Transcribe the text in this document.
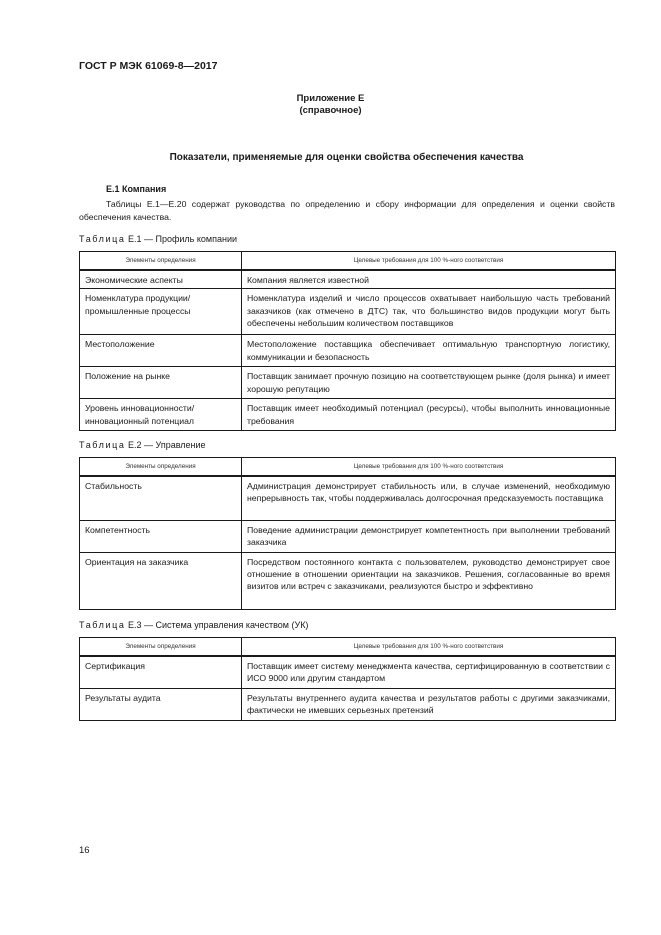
ГОСТ Р МЭК 61069-8—2017
Приложение Е
(справочное)
Показатели, применяемые для оценки свойства обеспечения качества
Е.1 Компания

Таблицы Е.1—Е.20 содержат руководства по определению и сбору информации для определения и оценки свойств обеспечения качества.

Таблица Е.1 — Профиль компании
Элементы определения	Целевые требования для 100 %-ного соответствия
Экономические аспекты	Компания является известной
Номенклатура продукции/
промышленные процессы	Номенклатура изделий и число процессов охватывает наибольшую часть требований заказчиков (как отмечено в ДТС) так, что большинство видов продукции могут быть обеспечены небольшим количеством поставщиков
Местоположение	Местоположение поставщика обеспечивает оптимальную транспортную логистику, коммуникации и безопасность
Положение на рынке	Поставщик занимает прочную позицию на соответствующем рынке (доля рынка) и имеет хорошую репутацию
Уровень инновационности/
инновационный потенциал	Поставщик имеет необходимый потенциал (ресурсы), чтобы выполнить инновационные требования
Таблица Е.2 — Управление
Элементы определения	Целевые требования для 100 %-ного соответствия
Стабильность	Администрация демонстрирует стабильность или, в случае изменений, необходимую непрерывность так, чтобы поддерживалась долгосрочная предсказуемость поставщика
Компетентность	Поведение администрации демонстрирует компетентность при выполнении требований заказчика
Ориентация на заказчика	Посредством постоянного контакта с пользователем, руководство демонстрирует свое отношение в отношении ориентации на заказчиков. Решения, согласованные во время визитов или встреч с заказчиками, реализуются быстро и эффективно
Таблица Е.3 — Система управления качеством (УК)
Элементы определения	Целевые требования для 100 %-ного соответствия
Сертификация	Поставщик имеет систему менеджмента качества, сертифицированную в соответствии с ИСО 9000 или другим стандартом
Результаты аудита	Результаты внутреннего аудита качества и результатов работы с другими заказчиками, фактически не имевших серьезных претензий
16
